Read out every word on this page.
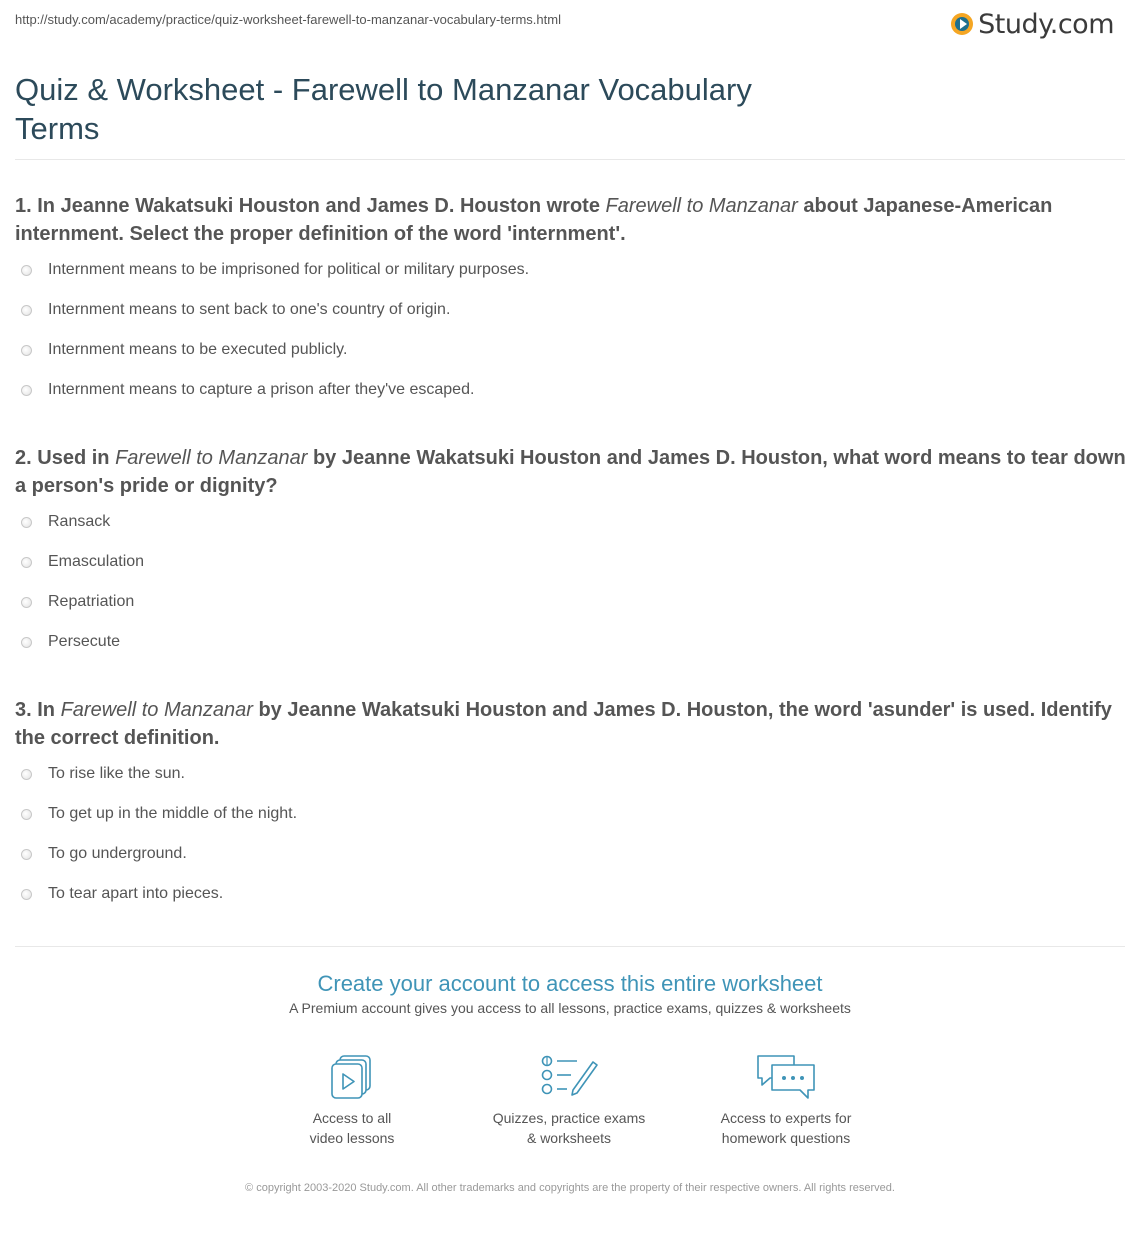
http://study.com/academy/practice/quiz-worksheet-farewell-to-manzanar-vocabulary-terms.html	Study.com
Quiz & Worksheet - Farewell to Manzanar Vocabulary Terms

1. In Jeanne Wakatsuki Houston and James D. Houston wrote Farewell to Manzanar about Japanese-American internment. Select the proper definition of the word 'internment'.

Internment means to be imprisoned for political or military purposes.
Internment means to sent back to one's country of origin.
Internment means to be executed publicly.
Internment means to capture a prison after they've escaped.

2. Used in Farewell to Manzanar by Jeanne Wakatsuki Houston and James D. Houston, what word means to tear down a person's pride or dignity?

Ransack
Emasculation
Repatriation
Persecute

3. In Farewell to Manzanar by Jeanne Wakatsuki Houston and James D. Houston, the word 'asunder' is used. Identify the correct definition.

To rise like the sun.
To get up in the middle of the night.
To go underground.
To tear apart into pieces.

Create your account to access this entire worksheet

A Premium account gives you access to all lessons, practice exams, quizzes & worksheets
Access to all
video lessons
Quizzes, practice exams
& worksheets
Access to experts for
homework questions
© copyright 2003-2020 Study.com. All other trademarks and copyrights are the property of their respective owners. All rights reserved.
